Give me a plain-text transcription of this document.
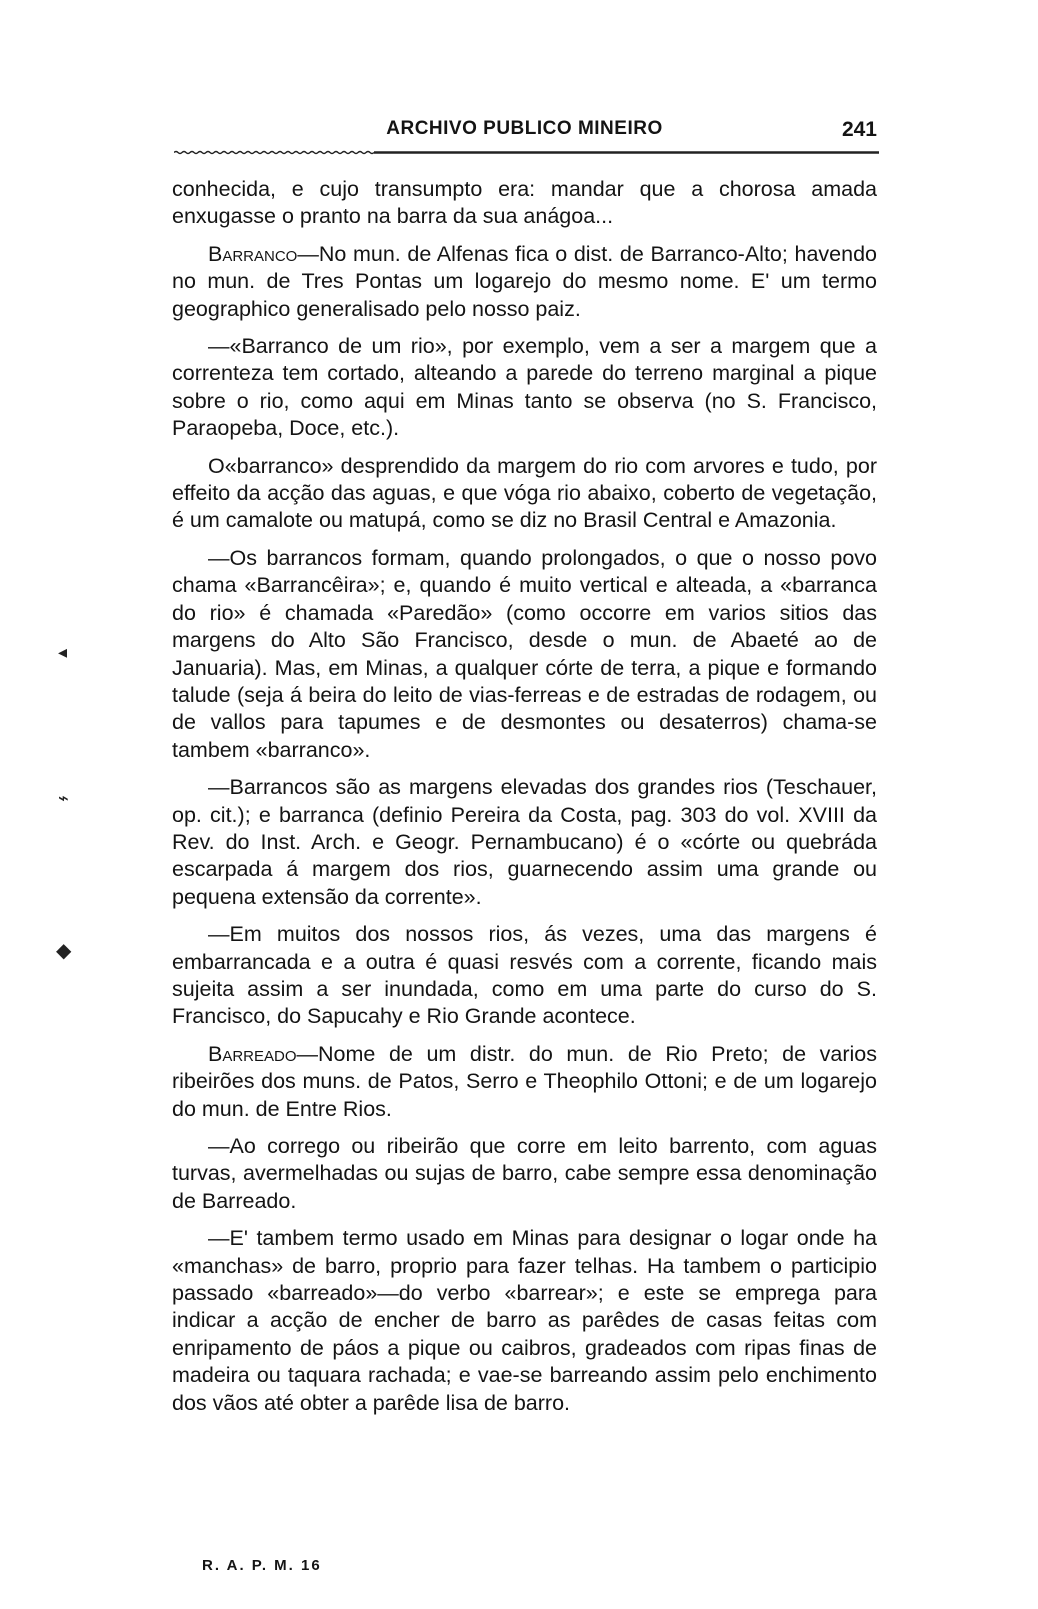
ARCHIVO PUBLICO MINEIRO	241

conhecida, e cujo transumpto era: mandar que a chorosa amada enxugasse o pranto na barra da sua anágoa...

Barranco—No mun. de Alfenas fica o dist. de Barranco-Alto; havendo no mun. de Tres Pontas um logarejo do mesmo nome. E' um termo geographico generalisado pelo nosso paiz.

—«Barranco de um rio», por exemplo, vem a ser a margem que a correnteza tem cortado, alteando a parede do terreno marginal a pique sobre o rio, como aqui em Minas tanto se observa (no S. Francisco, Paraopeba, Doce, etc.).

O«barranco» desprendido da margem do rio com arvores e tudo, por effeito da acção das aguas, e que vóga rio abaixo, coberto de vegetação, é um camalote ou matupá, como se diz no Brasil Central e Amazonia.

—Os barrancos formam, quando prolongados, o que o nosso povo chama «Barrancêira»; e, quando é muito vertical e alteada, a «barranca do rio» é chamada «Paredão» (como occorre em varios sitios das margens do Alto São Francisco, desde o mun. de Abaeté ao de Januaria). Mas, em Minas, a qualquer córte de terra, a pique e formando talude (seja á beira do leito de vias-ferreas e de estradas de rodagem, ou de vallos para tapumes e de desmontes ou desaterros) chama-se tambem «barranco».

—Barrancos são as margens elevadas dos grandes rios (Teschauer, op. cit.); e barranca (definio Pereira da Costa, pag. 303 do vol. XVIII da Rev. do Inst. Arch. e Geogr. Pernambucano) é o «córte ou quebráda escarpada á margem dos rios, guarnecendo assim uma grande ou pequena extensão da corrente».

—Em muitos dos nossos rios, ás vezes, uma das margens é embarrancada e a outra é quasi resvés com a corrente, ficando mais sujeita assim a ser inundada, como em uma parte do curso do S. Francisco, do Sapucahy e Rio Grande acontece.

Barreado—Nome de um distr. do mun. de Rio Preto; de varios ribeirões dos muns. de Patos, Serro e Theophilo Ottoni; e de um logarejo do mun. de Entre Rios.

—Ao corrego ou ribeirão que corre em leito barrento, com aguas turvas, avermelhadas ou sujas de barro, cabe sempre essa denominação de Barreado.

—E' tambem termo usado em Minas para designar o logar onde ha «manchas» de barro, proprio para fazer telhas. Ha tambem o participio passado «barreado»—do verbo «barrear»; e este se emprega para indicar a acção de encher de barro as parêdes de casas feitas com enripamento de páos a pique ou caibros, gradeados com ripas finas de madeira ou taquara rachada; e vae-se barreando assim pelo enchimento dos vãos até obter a parêde lisa de barro.

R. A. P. M. 16
◂
⌁
◆
